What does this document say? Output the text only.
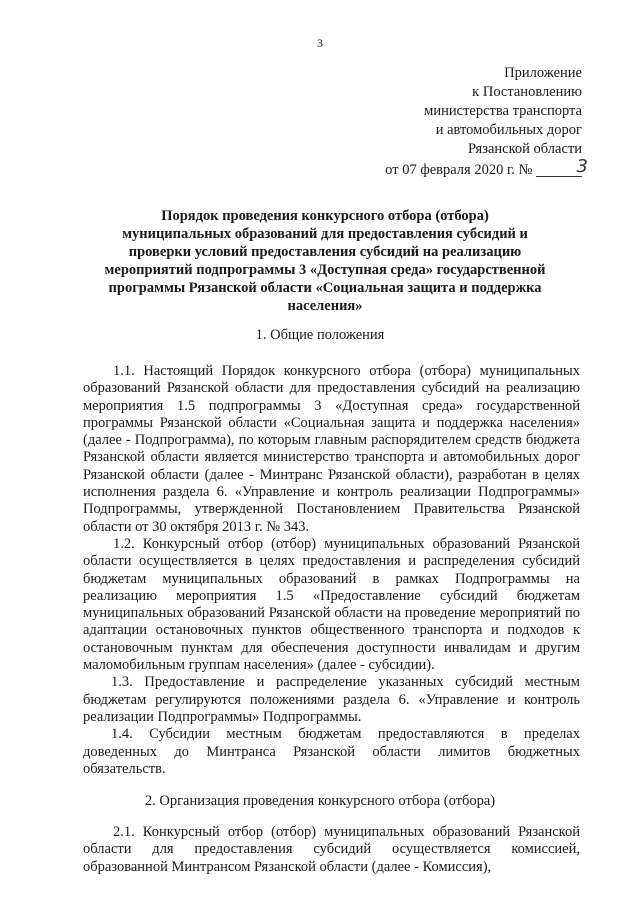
3
Приложение
к Постановлению
министерства транспорта
и автомобильных дорог
Рязанской области
от 07 февраля 2020 г. № 3
Порядок проведения конкурсного отбора (отбора)
муниципальных образований для предоставления субсидий и
проверки условий предоставления субсидий на реализацию
мероприятий подпрограммы 3 «Доступная среда» государственной
программы Рязанской области «Социальная защита и поддержка
населения»
1. Общие положения

1.1. Настоящий Порядок конкурсного отбора (отбора) муниципальных образований Рязанской области для предоставления субсидий на реализацию мероприятия 1.5 подпрограммы 3 «Доступная среда» государственной программы Рязанской области «Социальная защита и поддержка населения» (далее - Подпрограмма), по которым главным распорядителем средств бюджета Рязанской области является министерство транспорта и автомобильных дорог Рязанской области (далее - Минтранс Рязанской области), разработан в целях исполнения раздела 6. «Управление и контроль реализации Подпрограммы» Подпрограммы, утвержденной Постановлением Правительства Рязанской области от 30 октября 2013 г. № 343.

1.2. Конкурсный отбор (отбор) муниципальных образований Рязанской области осуществляется в целях предоставления и распределения субсидий бюджетам муниципальных образований в рамках Подпрограммы на реализацию мероприятия 1.5 «Предоставление субсидий бюджетам муниципальных образований Рязанской области на проведение мероприятий по адаптации остановочных пунктов общественного транспорта и подходов к остановочным пунктам для обеспечения доступности инвалидам и другим маломобильным группам населения» (далее - субсидии).

1.3. Предоставление и распределение указанных субсидий местным бюджетам регулируются положениями раздела 6. «Управление и контроль реализации Подпрограммы» Подпрограммы.

1.4. Субсидии местным бюджетам предоставляются в пределах доведенных до Минтранса Рязанской области лимитов бюджетных обязательств.

2. Организация проведения конкурсного отбора (отбора)

2.1. Конкурсный отбор (отбор) муниципальных образований Рязанской области для предоставления субсидий осуществляется комиссией, образованной Минтрансом Рязанской области (далее - Комиссия),
